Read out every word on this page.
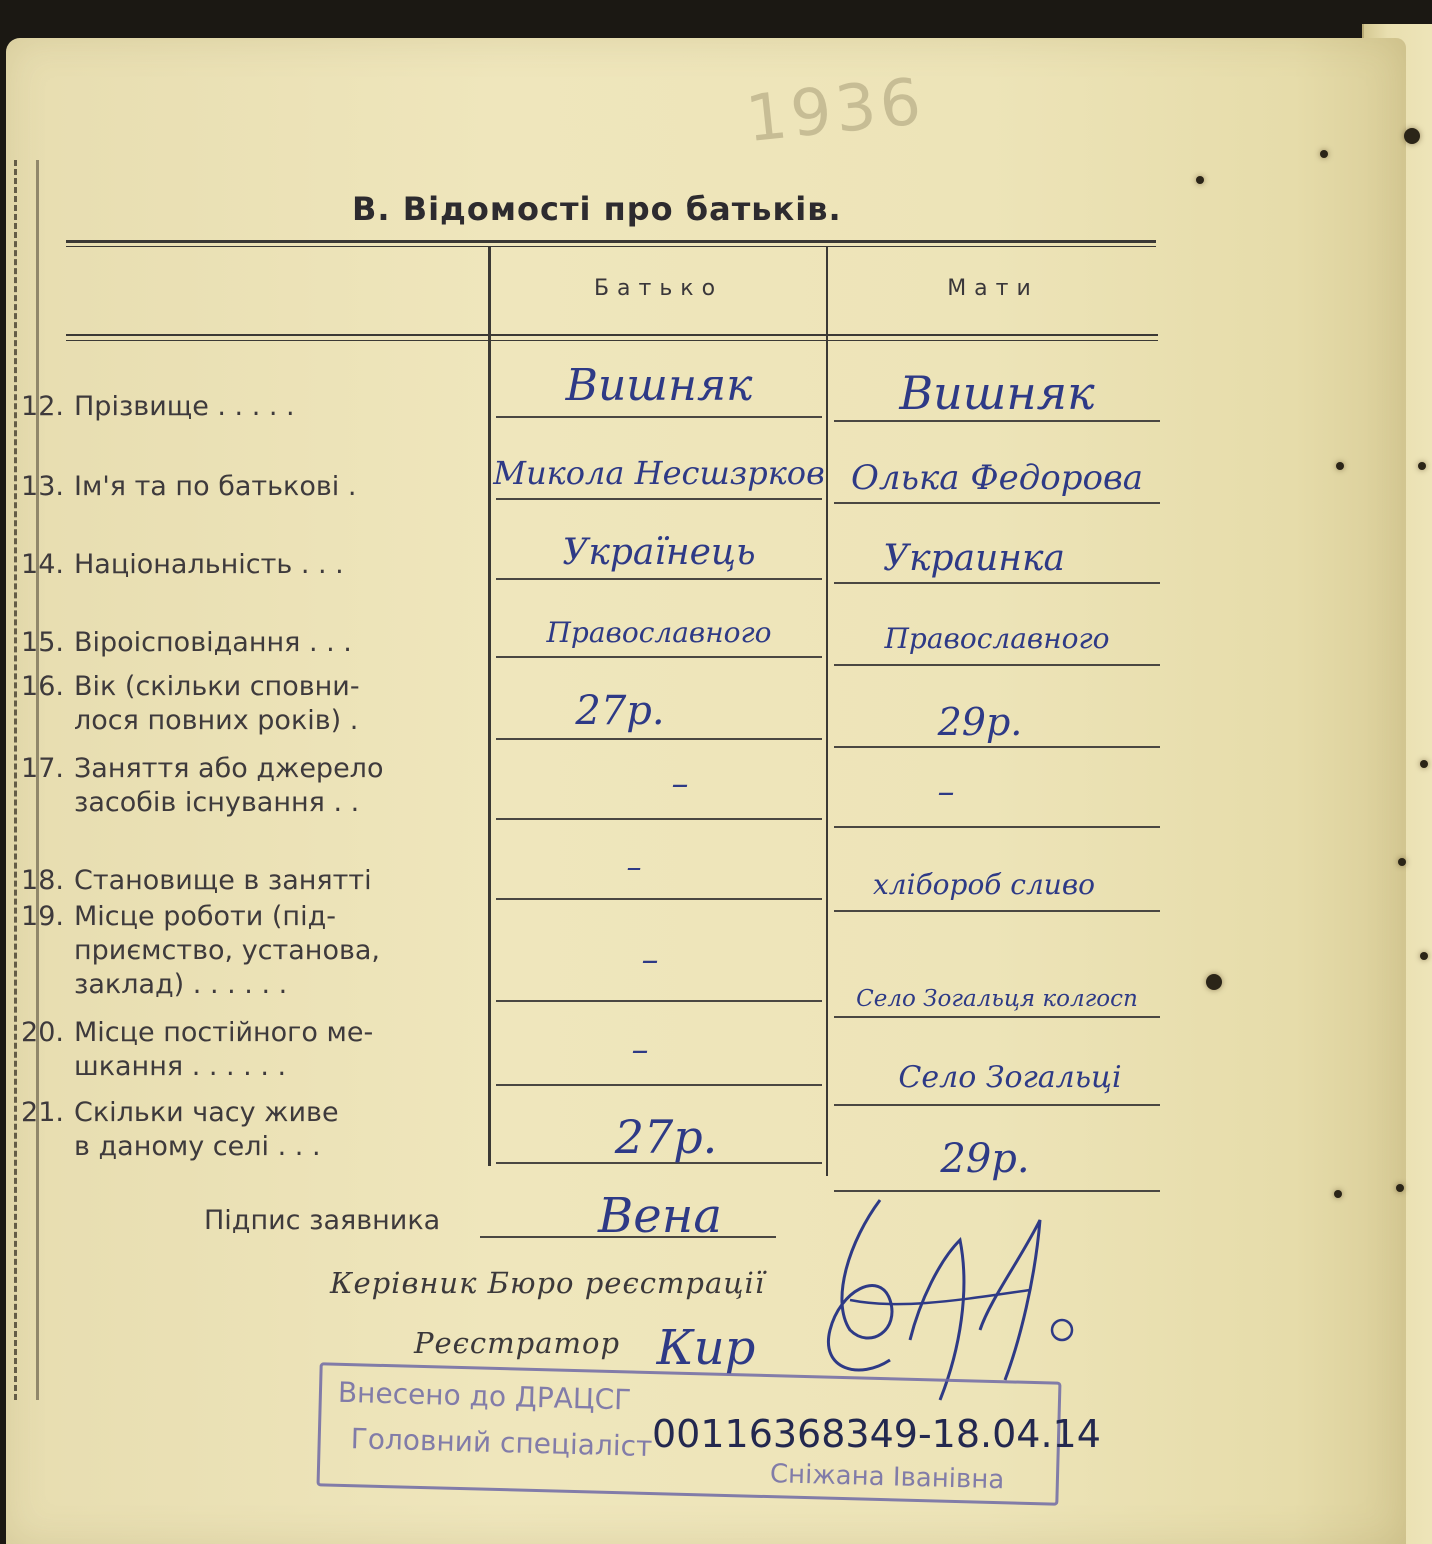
1936
В. Відомості про батьків.
Батько	Мати
12. Прізвище . . . . .
13. Ім'я та по батькові .
14. Національність . . .
15. Віроісповідання . . .
16. Вік (скільки сповни-
лося повних років) .
17. Заняття або джерело
засобів існування . .
18. Становище в занятті
19. Місце роботи (під-
приємство, установа,
заклад) . . . . . .
20. Місце постійного ме-
шкання . . . . . .
21. Скільки часу живе
в даному селі . . .
Вишняк
Микола Несшзрков
Українець
Православного
27р.
–
–
–
–
27р.
Вишняк
Олька Федорова
Украинка
Православного
29р.
–
хлібороб сливо
Село Зогальця колгосп
Село Зогальці
29р.
Підпис заявника	Вена
Керівник Бюро реєстрації
Реєстратор Кир
Внесено до ДРАЦСГ
Головний спеціаліст
Сніжана Іванівна
00116368349-18.04.14
